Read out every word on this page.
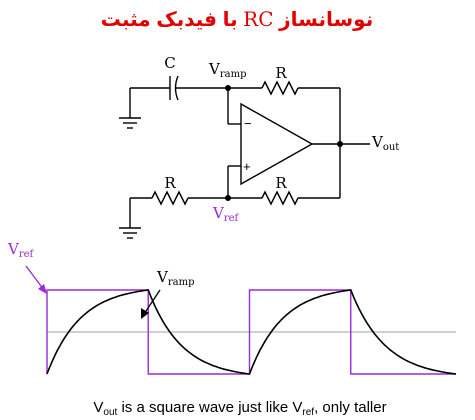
نوسانساز RC با فیدبک مثبت
−
+
C
R
R	R
$V_{ramp}$
$V_{out}$
$V_{ref}$
$V_{ref}$
$V_{ramp}$
$V_{out}$ is a square wave just like $V_{ref}$, only taller
